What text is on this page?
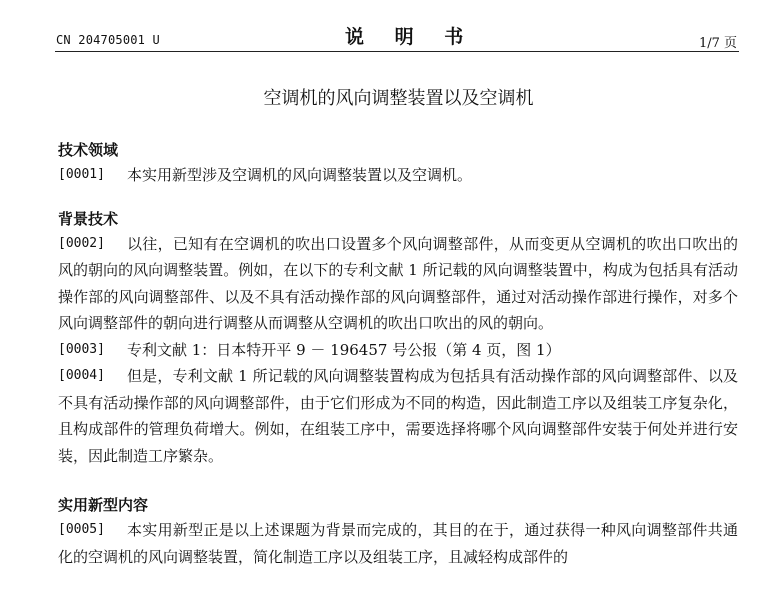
CN 204705001 U	说 明 书	1/7 页
空调机的风向调整装置以及空调机
技术领域
[0001] 本实用新型涉及空调机的风向调整装置以及空调机。
背景技术
[0002] 以往，已知有在空调机的吹出口设置多个风向调整部件，从而变更从空调机的吹出口吹出的风的朝向的风向调整装置。例如，在以下的专利文献 1 所记载的风向调整装置中，构成为包括具有活动操作部的风向调整部件、以及不具有活动操作部的风向调整部件，通过对活动操作部进行操作，对多个风向调整部件的朝向进行调整从而调整从空调机的吹出口吹出的风的朝向。
[0003] 专利文献 1：日本特开平 9 － 196457 号公报（第 4 页，图 1）
[0004] 但是，专利文献 1 所记载的风向调整装置构成为包括具有活动操作部的风向调整部件、以及不具有活动操作部的风向调整部件，由于它们形成为不同的构造，因此制造工序以及组装工序复杂化，且构成部件的管理负荷增大。例如，在组装工序中，需要选择将哪个风向调整部件安装于何处并进行安装，因此制造工序繁杂。
实用新型内容
[0005] 本实用新型正是以上述课题为背景而完成的，其目的在于，通过获得一种风向调整部件共通化的空调机的风向调整装置，简化制造工序以及组装工序，且减轻构成部件的
